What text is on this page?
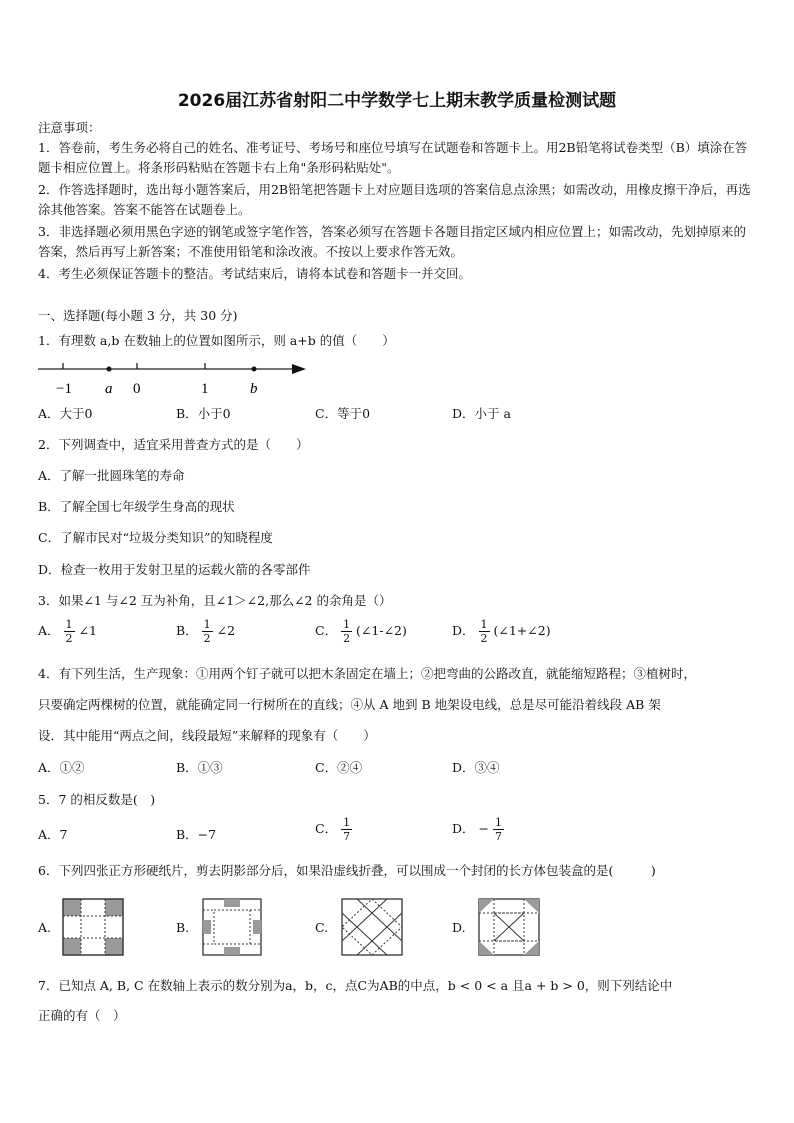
2026届江苏省射阳二中学数学七上期末教学质量检测试题
注意事项：
1．答卷前，考生务必将自己的姓名、准考证号、考场号和座位号填写在试题卷和答题卡上。用2B铅笔将试卷类型（B）填涂在答题卡相应位置上。将条形码粘贴在答题卡右上角"条形码粘贴处"。
2．作答选择题时，选出每小题答案后，用2B铅笔把答题卡上对应题目选项的答案信息点涂黑；如需改动，用橡皮擦干净后，再选涂其他答案。答案不能答在试题卷上。
3．非选择题必须用黑色字迹的钢笔或签字笔作答，答案必须写在答题卡各题目指定区域内相应位置上；如需改动，先划掉原来的答案，然后再写上新答案；不准使用铅笔和涂改液。不按以上要求作答无效。
4．考生必须保证答题卡的整洁。考试结束后，请将本试卷和答题卡一并交回。
一、选择题(每小题 3 分，共 30 分)
1．有理数 a,b 在数轴上的位置如图所示，则 a+b 的值（　　）
−1 a 0	1	b
A．大于0	B．小于0	C．等于0	D．小于 a
2．下列调查中，适宜采用普查方式的是（　　）
A．了解一批圆珠笔的寿命
B．了解全国七年级学生身高的现状
C．了解市民对“垃圾分类知识”的知晓程度
D．检查一枚用于发射卫星的运载火箭的各零部件
3．如果∠1 与∠2 互为补角，且∠1＞∠2,那么∠2 的余角是（）
A． $\frac{1}{2}$ ∠1	B． $\frac{1}{2}$ ∠2	C． $\frac{1}{2}$ (∠1-∠2)	D． $\frac{1}{2}$ (∠1+∠2)
4．有下列生活，生产现象：①用两个钉子就可以把木条固定在墙上；②把弯曲的公路改直，就能缩短路程；③植树时，
只要确定两棵树的位置，就能确定同一行树所在的直线；④从 A 地到 B 地架设电线，总是尽可能沿着线段 AB 架
设．其中能用“两点之间，线段最短”来解释的现象有（　　）
A．①②	B．①③	C．②④	D．③④
5．7 的相反数是(　)
A．7	B．−7	C． $\frac{1}{7}$	D． − $\frac{1}{7}$
6．下列四张正方形硬纸片，剪去阴影部分后，如果沿虚线折叠，可以围成一个封闭的长方体包装盒的是(　　　)
A.	B.	C.	D.
7．已知点 A, B, C 在数轴上表示的数分别为a，b，c，点C为AB的中点，b < 0 < a 且a + b > 0，则下列结论中
正确的有（　）
